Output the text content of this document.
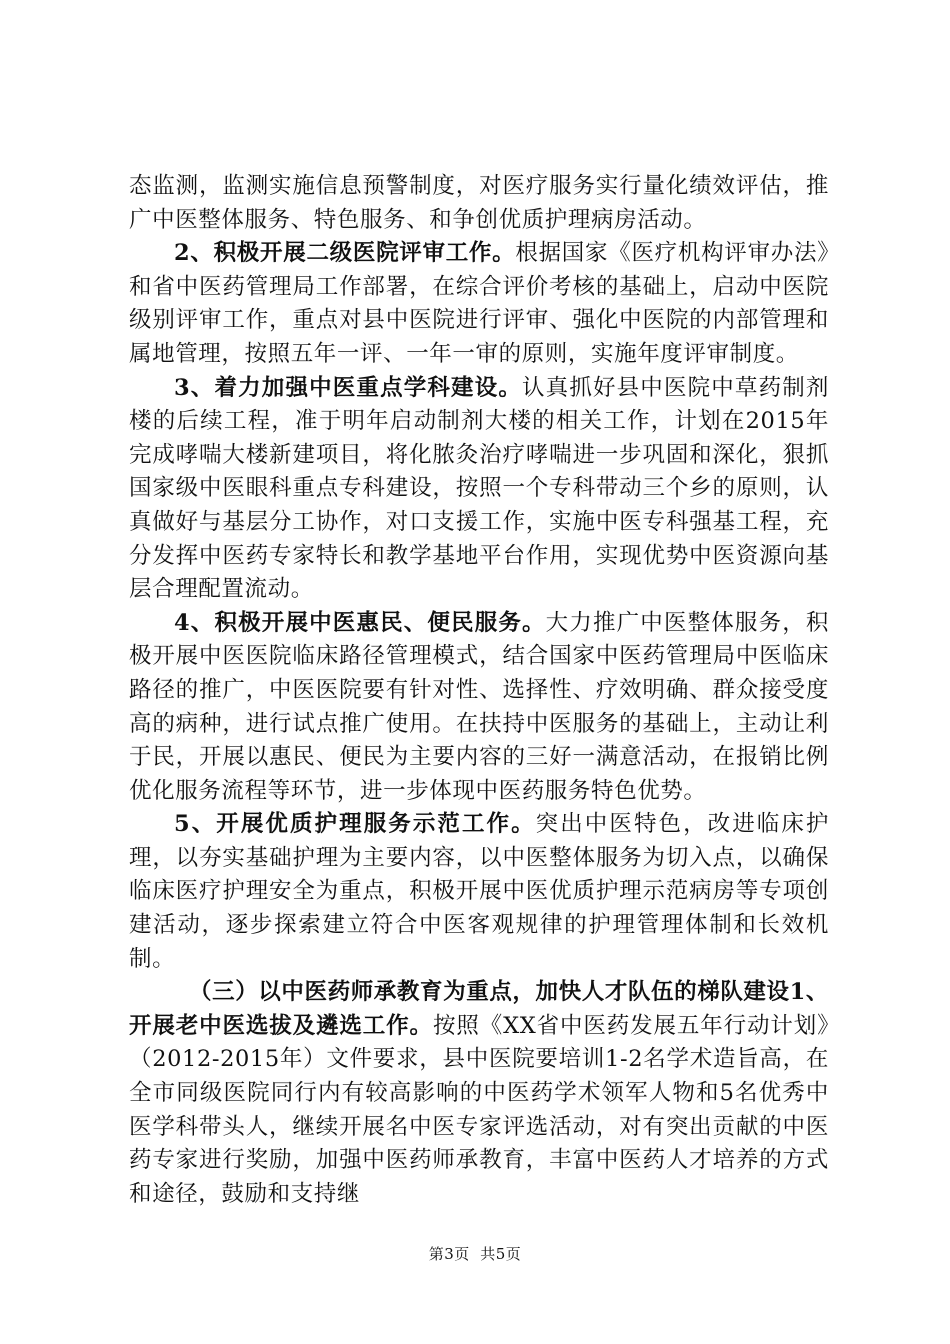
态监测，监测实施信息预警制度，对医疗服务实行量化绩效评估，推广中医整体服务、特色服务、和争创优质护理病房活动。

2、积极开展二级医院评审工作。根据国家《医疗机构评审办法》和省中医药管理局工作部署，在综合评价考核的基础上，启动中医院级别评审工作，重点对县中医院进行评审、强化中医院的内部管理和属地管理，按照五年一评、一年一审的原则，实施年度评审制度。

3、着力加强中医重点学科建设。认真抓好县中医院中草药制剂楼的后续工程，准于明年启动制剂大楼的相关工作，计划在2015年完成哮喘大楼新建项目，将化脓灸治疗哮喘进一步巩固和深化，狠抓国家级中医眼科重点专科建设，按照一个专科带动三个乡的原则，认真做好与基层分工协作，对口支援工作，实施中医专科强基工程，充分发挥中医药专家特长和教学基地平台作用，实现优势中医资源向基层合理配置流动。

4、积极开展中医惠民、便民服务。大力推广中医整体服务，积极开展中医医院临床路径管理模式，结合国家中医药管理局中医临床路径的推广，中医医院要有针对性、选择性、疗效明确、群众接受度高的病种，进行试点推广使用。在扶持中医服务的基础上，主动让利于民，开展以惠民、便民为主要内容的三好一满意活动，在报销比例优化服务流程等环节，进一步体现中医药服务特色优势。

5、开展优质护理服务示范工作。突出中医特色，改进临床护理，以夯实基础护理为主要内容，以中医整体服务为切入点，以确保临床医疗护理安全为重点，积极开展中医优质护理示范病房等专项创建活动，逐步探索建立符合中医客观规律的护理管理体制和长效机制。

（三）以中医药师承教育为重点，加快人才队伍的梯队建设1、开展老中医选拔及遴选工作。按照《XX省中医药发展五年行动计划》（2012-2015年）文件要求，县中医院要培训1-2名学术造旨高，在全市同级医院同行内有较高影响的中医药学术领军人物和5名优秀中医学科带头人，继续开展名中医专家评选活动，对有突出贡献的中医药专家进行奖励，加强中医药师承教育，丰富中医药人才培养的方式和途径，鼓励和支持继

第3页  共5页
